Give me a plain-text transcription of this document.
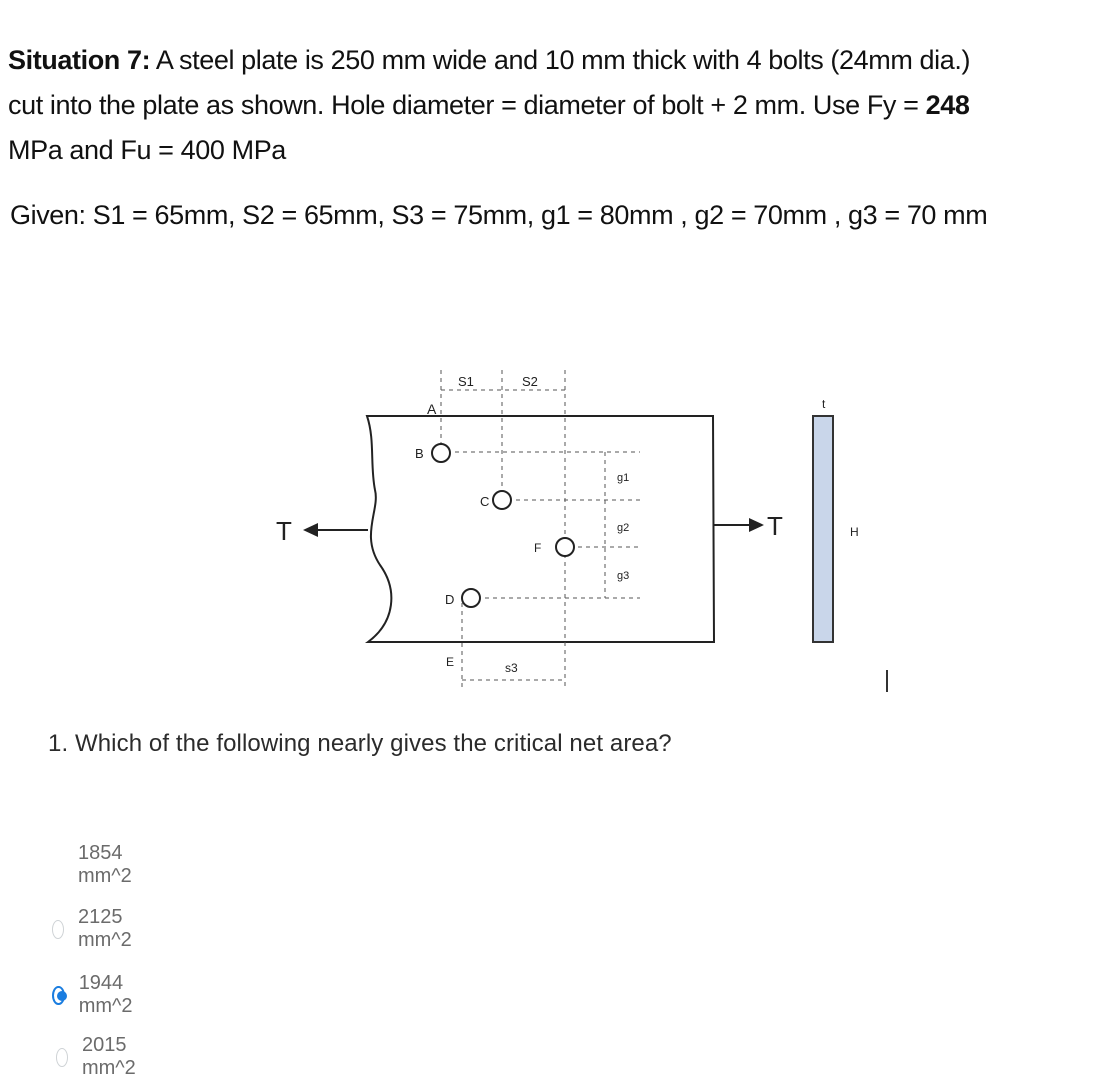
Situation 7: A steel plate is 250 mm wide and 10 mm thick with 4 bolts (24mm dia.)
cut into the plate as shown. Hole diameter = diameter of bolt + 2 mm. Use Fy = 248
MPa and Fu = 400 MPa
Given: S1 = 65mm, S2 = 65mm, S3 = 75mm, g1 = 80mm , g2 = 70mm , g3 = 70 mm
S1	S2
s3
A
B
C
D
E
F
g1
g2
g3
T	T
t
H
1. Which of the following nearly gives the critical net area?
1854 mm^2
2125 mm^2
1944 mm^2
2015 mm^2
